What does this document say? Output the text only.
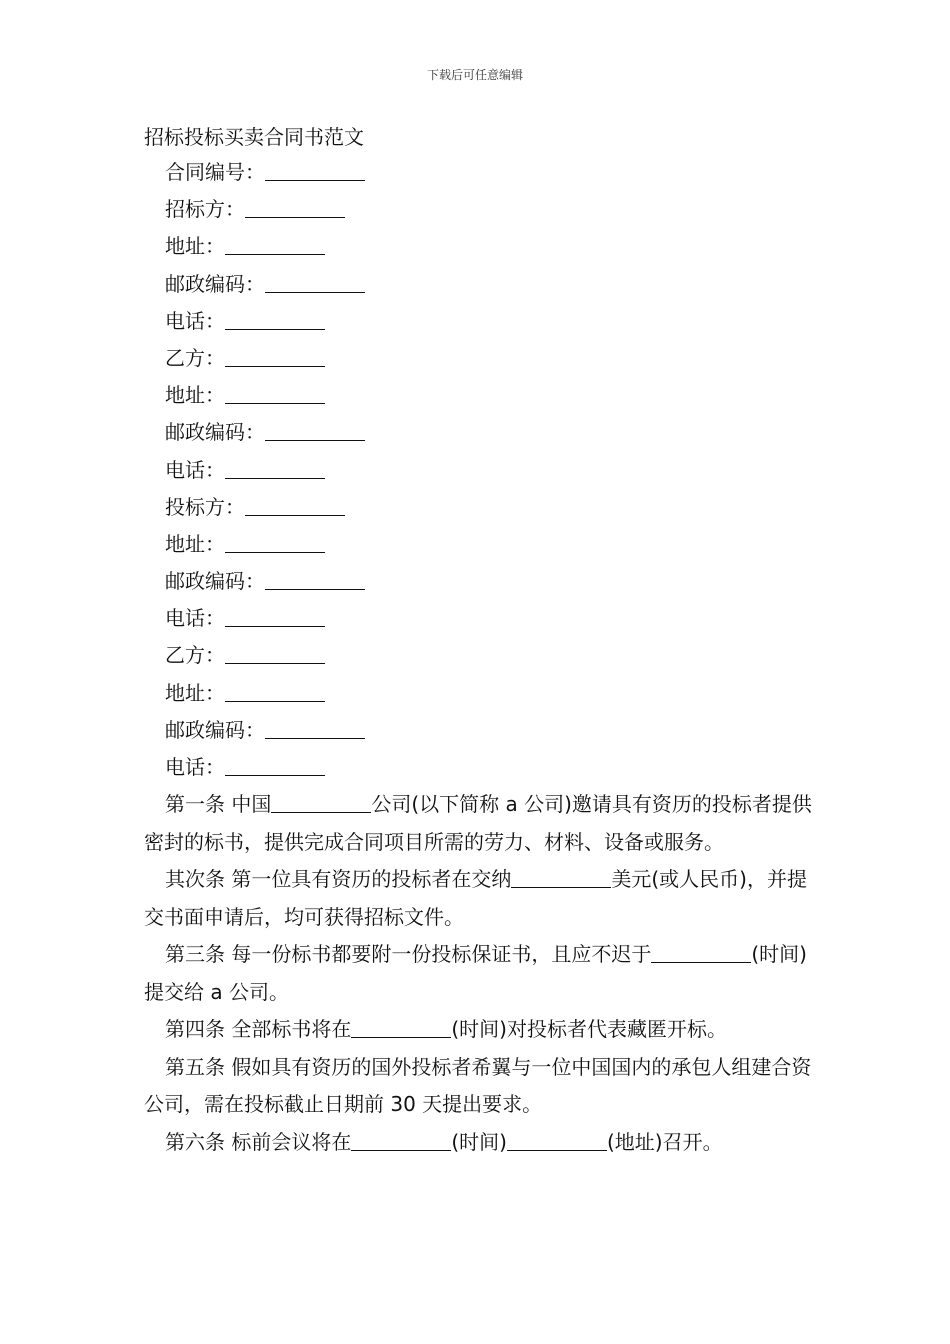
下载后可任意编辑
招标投标买卖合同书范文
合同编号：
招标方：
地址：
邮政编码：
电话：
乙方：
地址：
邮政编码：
电话：
投标方：
地址：
邮政编码：
电话：
乙方：
地址：
邮政编码：
电话：

第一条 中国	公司(以下简称 a 公司)邀请具有资历的投标者提供密封的标书，提供完成合同项目所需的劳力、材料、设备或服务。

其次条 第一位具有资历的投标者在交纳	美元(或人民币)，并提交书面申请后，均可获得招标文件。

第三条 每一份标书都要附一份投标保证书，且应不迟于	(时间)提交给 a 公司。

第四条 全部标书将在	(时间)对投标者代表藏匿开标。

第五条 假如具有资历的国外投标者希翼与一位中国国内的承包人组建合资公司，需在投标截止日期前 30 天提出要求。

第六条 标前会议将在	(时间)	(地址)召开。
